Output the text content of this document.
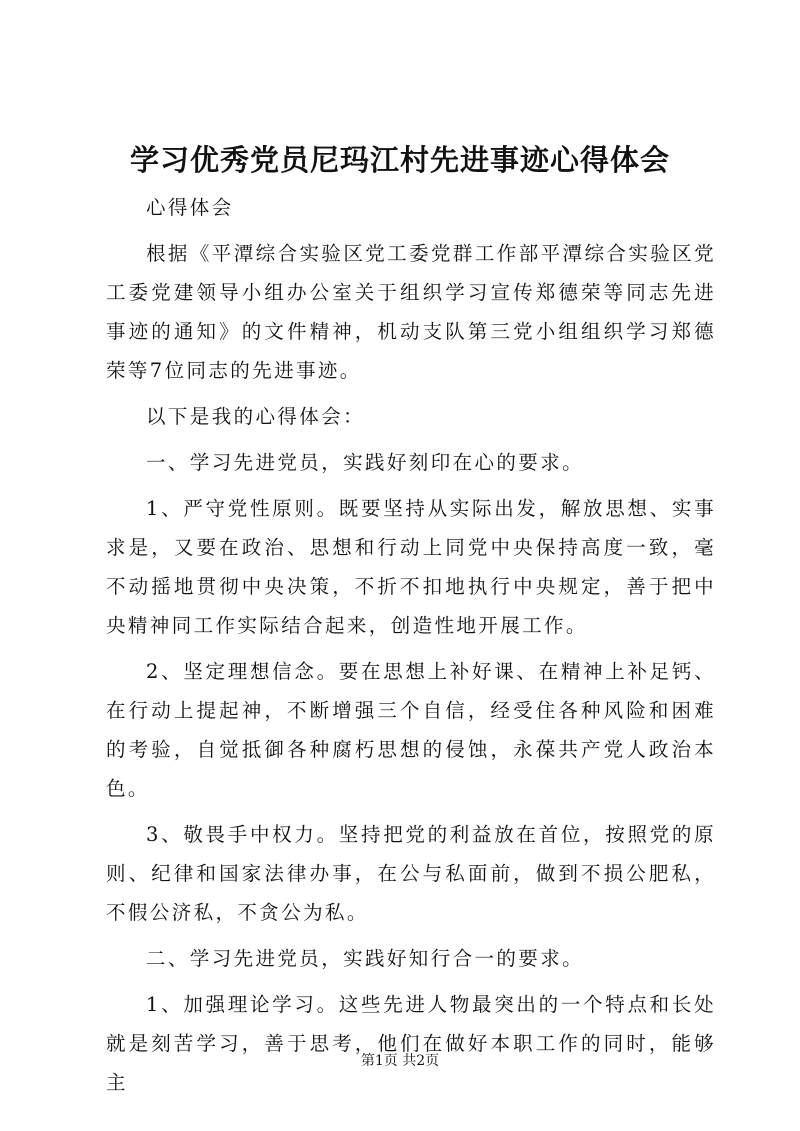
学习优秀党员尼玛江村先进事迹心得体会

心得体会

根据《平潭综合实验区党工委党群工作部平潭综合实验区党工委党建领导小组办公室关于组织学习宣传郑德荣等同志先进事迹的通知》的文件精神，机动支队第三党小组组织学习郑德荣等7位同志的先进事迹。

以下是我的心得体会：

一、学习先进党员，实践好刻印在心的要求。

1、严守党性原则。既要坚持从实际出发，解放思想、实事求是，又要在政治、思想和行动上同党中央保持高度一致，毫不动摇地贯彻中央决策，不折不扣地执行中央规定，善于把中央精神同工作实际结合起来，创造性地开展工作。

2、坚定理想信念。要在思想上补好课、在精神上补足钙、在行动上提起神，不断增强三个自信，经受住各种风险和困难的考验，自觉抵御各种腐朽思想的侵蚀，永葆共产党人政治本色。

3、敬畏手中权力。坚持把党的利益放在首位，按照党的原则、纪律和国家法律办事，在公与私面前，做到不损公肥私，不假公济私，不贪公为私。

二、学习先进党员，实践好知行合一的要求。

1、加强理论学习。这些先进人物最突出的一个特点和长处就是刻苦学习，善于思考，他们在做好本职工作的同时，能够主

第1页 共2页
